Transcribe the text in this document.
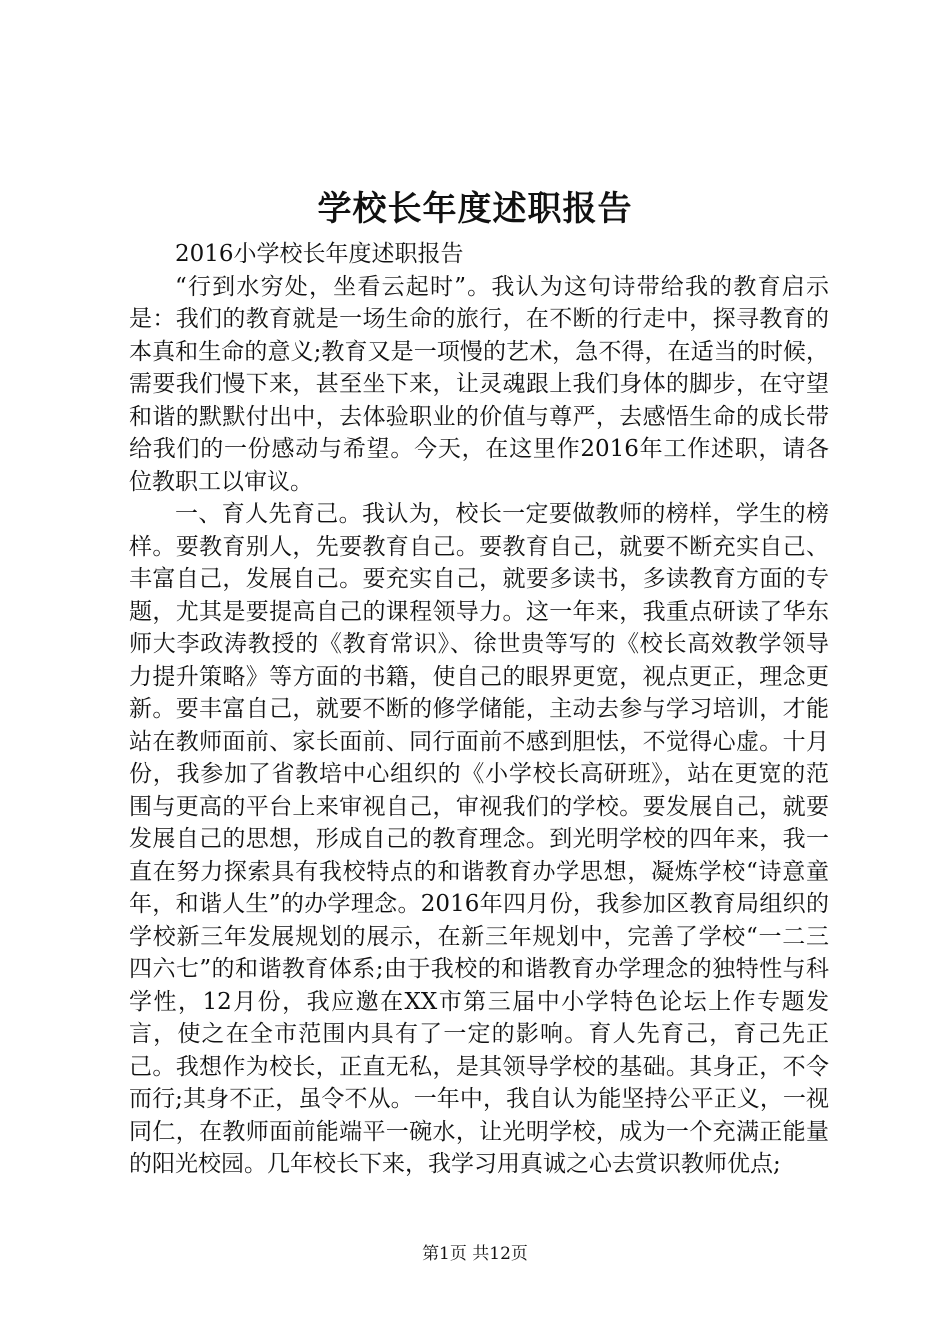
学校长年度述职报告

2016小学校长年度述职报告

“行到水穷处，坐看云起时”。我认为这句诗带给我的教育启示是：我们的教育就是一场生命的旅行，在不断的行走中，探寻教育的本真和生命的意义;教育又是一项慢的艺术，急不得，在适当的时候，需要我们慢下来，甚至坐下来，让灵魂跟上我们身体的脚步，在守望和谐的默默付出中，去体验职业的价值与尊严，去感悟生命的成长带给我们的一份感动与希望。今天，在这里作2016年工作述职，请各位教职工以审议。

一、育人先育己。我认为，校长一定要做教师的榜样，学生的榜样。要教育别人，先要教育自己。要教育自己，就要不断充实自己、丰富自己，发展自己。要充实自己，就要多读书，多读教育方面的专题，尤其是要提高自己的课程领导力。这一年来，我重点研读了华东师大李政涛教授的《教育常识》、徐世贵等写的《校长高效教学领导力提升策略》等方面的书籍，使自己的眼界更宽，视点更正，理念更新。要丰富自己，就要不断的修学储能，主动去参与学习培训，才能站在教师面前、家长面前、同行面前不感到胆怯，不觉得心虚。十月份，我参加了省教培中心组织的《小学校长高研班》，站在更宽的范围与更高的平台上来审视自己，审视我们的学校。要发展自己，就要发展自己的思想，形成自己的教育理念。到光明学校的四年来，我一直在努力探索具有我校特点的和谐教育办学思想，凝炼学校“诗意童年，和谐人生”的办学理念。2016年四月份，我参加区教育局组织的学校新三年发展规划的展示，在新三年规划中，完善了学校“一二三四六七”的和谐教育体系;由于我校的和谐教育办学理念的独特性与科学性，12月份，我应邀在XX市第三届中小学特色论坛上作专题发言，使之在全市范围内具有了一定的影响。育人先育己，育己先正己。我想作为校长，正直无私，是其领导学校的基础。其身正，不令而行;其身不正，虽令不从。一年中，我自认为能坚持公平正义，一视同仁，在教师面前能端平一碗水，让光明学校，成为一个充满正能量的阳光校园。几年校长下来，我学习用真诚之心去赏识教师优点;

第1页 共12页
